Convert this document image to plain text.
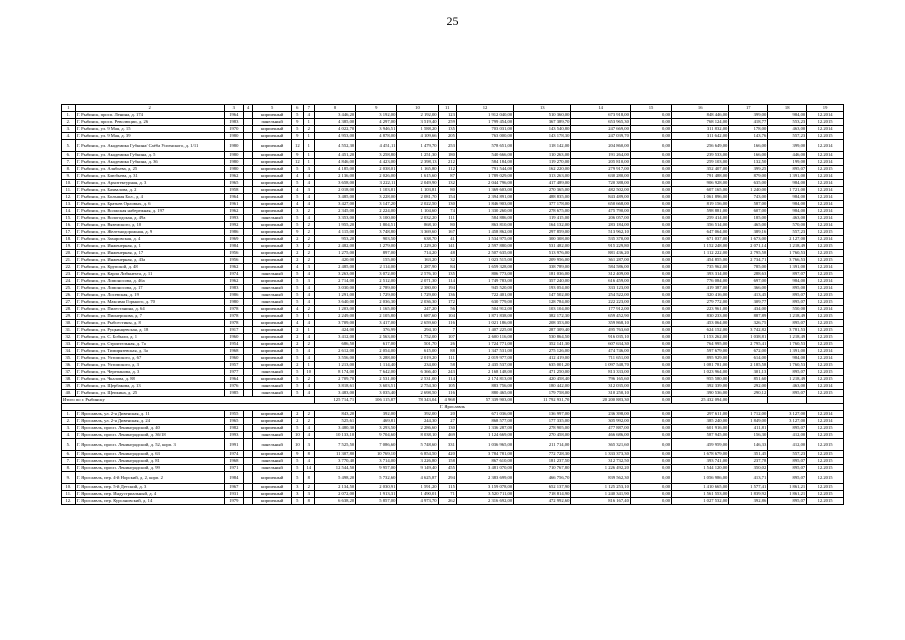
25
1	2	3	4	5	6	7	8	9	10	11	12	13	14	15	16	17	18	19
1.	Г. Рыбинск, просп. Ленина, д. 174	1964		кирпичный	5	4	3 446,20	3 192,00	2 192,00	123	1 912 040,00	510 360,00	673 918,00	0,00	848 446,00	399,00	984,00	12.2014
2.	Г. Рыбинск, просп. Революции, д. 26	1983		панельный	9	1	4 385,00	4 297,00	3 519,40	259	1 799 454,00	367 389,70	653 965,30	0,00	768 124,00	418,77	553,23	12.2015
3.	Г. Рыбинск, ул. 9 Мая, д. 15	1970		кирпичный	5	2	4 022,70	3 946,51	1 588,20	135	703 031,00	143 540,80	247 669,00	0,00	311 832,00	178,00	463,00	12.2014
4.	Г. Рыбинск, ул. 9 Мая, д. 39	1980		кирпичный	9	1	4 953,00	4 878,00	4 109,66	205	763 000,00	143 178,30	247 039,70	0,00	311 642,00	143,76	557,23	12.2015
5.	Г. Рыбинск, ул. Академика Губкина/ Саёба Успенского, д. 1/11	1980		кирпичный	12	1	4 552,30	4 451,11	1 479,70	253	578 651,00	118 142,00	204 860,00	0,00	256 649,00	166,00	399,00	12.2014
6.	Г. Рыбинск, ул. Академика Губкина, д. 5	1980		кирпичный	9	1	4 451,20	3 258,80	1 251,30	180	540 666,00	110 263,00	191 264,00	0,00	239 533,00	166,00	446,00	12.2014
7.	Г. Рыбинск, ул. Академика Губкина, д. 36	1980		кирпичный	12	1	4 846,00	4 423,00	2 398,13	212	584 184,00	119 270,00	205 810,00	0,00	259 103,00	132,50	199,00	12.2014
8.	Г. Рыбинск, ул. Алябьева, д. 25	1980		кирпичный	5	3	4 185,00	2 038,01	1 165,80	112	791 544,00	162 220,00	279 917,00	0,00	352 407,00	399,25	895,07	12.2015
9.	Г. Рыбинск, ул. Блюбьева, д. 31	1962		кирпичный	4	4	2 136,00	2 026,00	1 615,60	87	1 789 029,00	313 263,00	630 280,00	0,00	791 488,00	879,00	1 391,00	12.2014
10.	Г. Рыбинск, ул. Архитектурная, д. 3	1965		кирпичный	5	4	3 658,00	3 222,11	2 049,90	132	2 044 796,00	417 489,00	720 388,00	0,00	906 928,00	635,00	984,00	12.2014
11.	Г. Рыбинск, ул. Бахвалова, д. 2	1958		кирпичный	4	3	2 018,00	1 103,81	1 103,81	80	1 369 603,00	270 365,00	482 502,00	0,00	607 165,00	1 240,00	1 721,00	12.2014
12.	Г. Рыбинск, ул. Большая Бол., д. 4	1964		кирпичный	5	4	3 485,00	3 228,00	2 081,70	154	2 394 891,00	488 835,00	843 489,00	0,00	1 061 896,00	743,00	984,00	12.2014
13.	Г. Рыбинск, ул. Братьев Орловых, д. 6	1961		кирпичный	4	4	3 427,00	3 147,20	2 022,50	130	1 846 903,00	377 178,00	650 668,00	0,00	819 156,00	587,00	984,00	12.2014
14.	Г. Рыбинск, ул. Волжская набережная, д. 197	1962		кирпичный	3	2	2 345,00	2 224,00	1 104,60	74	1 330 260,00	278 675,00	475 790,00	0,00	598 881,00	607,00	984,00	12.2014
15.	Г. Рыбинск, ул. Вологодская, д. 49а	1993		панельный	5	4	3 353,00	3 100,00	2 032,20	111	584 886,00	119 415,00	206 057,00	0,00	259 414,00	185,00	463,00	12.2014
16.	Г. Рыбинск, ул. Вяземского, д. 10	1992		кирпичный	5	2	1 955,20	1 804,51	868,10	80	863 810,00	164 132,00	283 184,00	0,00	356 514,00	465,00	570,00	12.2014
17.	Г. Рыбинск, ул. Железнодорожная, д. 9	1986		кирпичный	9	2	4 115,00	3 748,80	3 369,60	167	1 458 862,00	297 859,00	513 962,10	0,00	647 064,00	389,16	557,23	12.2015
18.	Г. Рыбинск, ул. Захаровская, д. 4	1969		кирпичный	2	2	953,20	903,50	638,70	41	1 534 975,00	300 308,00	535 370,00	0,00	671 037,00	1 673,00	2 127,00	12.2014
19.	Г. Рыбинск, ул. Инженерная, д. 1	1984		кирпичный	3	2	2 482,00	1 279,00	1 229,20	141	2 597 880,00	531 482,00	915 229,80	0,00	1 152 248,00	2 071,14	1 218,49	12.2015
20.	Г. Рыбинск, ул. Инженерная, д. 17	1956		кирпичный	2	2	1 275,00	897,00	714,20	48	2 507 635,00	513 976,00	881 436,20	0,00	1 112 222,00	2 795,58	1 760,53	12.2015
21.	Г. Рыбинск, ул. Инженерная, д. 43а	1956		кирпичный	2	2	420,00	155,00	163,20	32	1 023 515,00	209 956,00	361 287,00	0,00	454 855,00	2 734,71	3 766,53	12.2015
22.	Г. Рыбинск, ул. Крупской, д. 48	1962		кирпичный	4	3	2 485,00	2 114,00	1 287,90	84	1 659 328,00	338 789,00	584 586,00	0,00	735 962,00	785,00	1 391,00	12.2014
23.	Г. Рыбинск, ул. Карла Либкнехта, д. 11	1974		панельный	5	4	3 263,00	3 072,00	2 576,10	135	806 773,00	181 036,00	312 409,00	0,00	393 314,00	288,63	897,07	12.2015
24.	Г. Рыбинск, ул. Ломоносова, д. 46а	1962		кирпичный	5	3	2 714,00	2 512,00	2 071,30	114	1 749 783,00	357 240,00	616 459,00	0,00	776 084,00	697,00	984,00	12.2014
25.	Г. Рыбинск, ул. Ломоносова, д. 17	1983		панельный	5	4	3 030,00	2 789,00	2 380,00	194	945 520,00	193 054,00	333 123,00	0,00	419 387,00	366,00	895,00	12.2014
26.	Г. Рыбинск, ул. Лосевская, д. 19	1986		панельный	5	4	1 291,00	1 729,00	1 729,00	136	722 401,00	147 502,00	254 522,00	0,00	320 416,00	413,45	895,07	12.2015
27.	Г. Рыбинск, ул. Максима Горького, д. 70	1980		панельный	5	4	3 640,00	2 036,30	2 036,30	172	630 779,00	128 784,00	222 223,00	0,00	279 772,00	309,77	895,07	12.2015
28.	Г. Рыбинск, ул. Пилестанина, д. 64	1978		кирпичный	4	2	1 203,00	1 165,00	247,20	56	504 912,00	103 104,00	177 912,00	0,00	223 961,00	434,00	550,00	12.2014
29.	Г. Рыбинск, ул. Пионерскова, д. 7	1978		кирпичный	5	1	2 249,00	2 105,80	1 687,60	104	1 871 838,00	382 172,30	659 452,90	0,00	830 233,00	887,89	1 218,49	12.2015
30.	Г. Рыбинск, ул. Рыбсестины, д. 8	1978		кирпичный	4	4	3 709,00	3 417,00	2 659,60	116	1 021 186,00	208 353,00	359 868,10	0,00	453 064,00	326,75	895,07	12.2015
31.	Г. Рыбинск, ул. Руцкинцевская, д. 18	1917		кирпичный	2	1	424,00	376,99	294,10	7	1 407 225,00	287 309,40	495 763,60	0,00	624 152,00	3 742,82	3 781,53	12.2015
32.	Г. Рыбинск, ул. С. Бобыли, д. 1	1960		кирпичный	2	4	3 412,00	2 563,00	1 752,00	107	2 600 116,00	530 864,50	916 035,10	0,00	1 153 262,00	1 038,81	1 218,49	12.2015
33.	Г. Рыбинск, ул. Строительная, д. 7а	1954		кирпичный	2	2	686,50	617,00	501,70	26	1 724 771,00	352 141,30	607 634,30	0,00	764 995,00	2 795,41	1 760,53	12.2015
34.	Г. Рыбинск, ул. Тимирязевская, д. 3а	1968		кирпичный	5	4	2 612,00	2 054,00	615,00	88	1 347 531,00	275 126,00	474 746,00	0,00	597 679,00	672,00	1 391,00	12.2014
35.	Г. Рыбинск, ул. Ухтомского, д. 67	1960		кирпичный	5	4	3 556,00	3 288,00	2 019,20	111	2 019 977,00	412 419,00	711 651,00	0,00	895 929,00	614,00	984,00	12.2014
36.	Г. Рыбинск, ул. Ухтомского, д. 3	1957		кирпичный	2	1	1 213,00	1 114,40	234,00	58	2 435 537,00	635 001,20	1 097 548,70	0,00	1 081 781,00	2 185,58	1 760,53	12.2015
37.	Г. Рыбинск, ул. Черепанова, д. 3	1977		панельный	5	10	8 174,00	7 642,00	6 366,40	243	2 168 148,00	471 250,00	813 333,00	0,00	1 023 964,00	301,13	895,07	12.2015
38.	Г. Рыбинск, ул. Чкалова, д. 88	1964		кирпичный	5	2	2 709,70	2 531,00	2 531,00	114	2 174 813,00	420 458,40	796 165,60	0,00	955 580,00	851,60	1 218,49	12.2015
39.	Г. Рыбинск, ул. Щербакова, д. 13	1976		панельный	5	4	3 818,61	3 603,51	2 754,30	105	883 756,00	180 442,00	312 035,00	0,00	392 339,00	292,00	463,00	12.2014
40.	Г. Рыбинск, ул. Щепкина, д. 25	1985		панельный	5	4	3 483,00	3 035,40	2 698,50	116	880 465,00	179 758,00	310 250,10	0,00	390 536,00	290,12	895,07	12.2015
Итого по г. Рыбинску							125 714,71	106 115,87	78 343,04	4 968	57 339 903,00	11 792 931,70	20 200 883,30	0,00	25 432 094,00			
Г. Ярославль																		
1.	Г. Ярославль, ул. 2-я Дивенская, д. 11	1955		кирпичный	2	2	843,20	392,00	392,00	20	671 036,00	136 997,00	236 398,00	0,00	297 611,00	1 712,00	3 127,00	12.2014
2.	Г. Ярославль, ул. 2-я Дивенская, д. 24	1965		кирпичный	2	2	525,61	469,81	244,30	27	868 577,00	177 335,00	305 992,00	0,00	385 240,00	1 849,00	3 127,00	12.2014
3.	Г. Ярославль, просп. Ленинградский, д. 40	1982		кирпичный	5	4	3 480,30	3 293,50	2 286,60	130	1 336 287,00	278 905,00	477 887,00	0,00	601 916,00	411,81	895,07	12.2015
4.	Г. Ярославль, просп. Ленинградский, д. 36/18	1993		панельный	10	4	10 133,10	9 704,60	8 038,10	469	1 124 669,00	270 458,00	466 686,00	0,00	587 945,00	156,30	412,00	12.2015
5.	Г. Ярославль, просп. Ленинградский, д. 52, корп. 3	1991		панельный	10	3	7 525,50	7 086,60	5 748,60	331	1 036 965,00	211 714,00	365 321,60	0,00	459 959,00	146,33	412,00	12.2015
6.	Г. Ярославль, просп. Ленинградский, д. 63	1974		кирпичный	9	8	11 307,80	10 769,10	6 854,50	420	3 784 781,00	772 728,30	1 333 373,30	0,00	1 678 679,00	351,45	557,23	12.2015
7.	Г. Ярославль, просп. Ленинградский, д. 81	1968		панельный	5	4	3 770,40	3 714,00	3 226,80	158	867 610,00	181 237,50	312 732,50	0,00	393 741,00	237,78	895,07	12.2015
8.	Г. Ярославль, просп. Ленинградский, д. 99	1971		панельный	5	14	12 544,50	9 957,00	9 149,40	455	3 481 070,00	710 767,80	1 226 492,20	0,00	1 544 120,00	350,02	895,07	12.2015
9.	Г. Ярославль, пер. 4-й Норский, д. 2, корп. 2	1984		кирпичный	5	8	5 498,20	5 732,60	4 625,87	294	2 383 699,00	466 756,70	839 562,30	0,00	1 056 986,00	413,71	895,07	12.2015
10.	Г. Ярославль, пер. 5-й Детский, д. 3	1967		кирпичный	3	2	2 134,50	2 030,91	1 591,20	115	3 159 078,00	652 137,90	1 125 253,10	0,00	1 410 665,00	1 577,41	1 861,21	12.2015
11.	Г. Ярославль, пер. Индустриальный, д. 4	1931		кирпичный	3	3	2 072,00	1 913,31	1 490,01	71	3 520 711,00	718 814,90	1 240 341,90	0,00	1 561 553,00	1 839,92	1 861,21	12.2015
12.	Г. Ярославль, пер. Курсановский, д. 14	1979		кирпичный	5	8	6 638,20	5 857,00	4 973,70	262	2 316 692,00	472 992,60	816 167,40	0,00	1 027 532,00	392,86	895,07	12.2015
